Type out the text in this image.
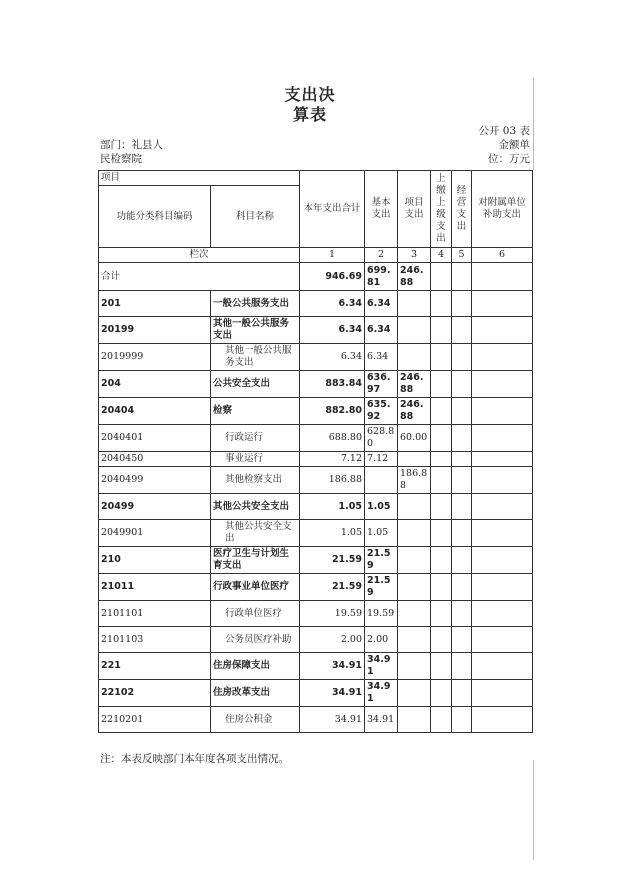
支出决
算表
公开 03 表
金额单
位：万元
部门：礼县人
民检察院
项目		本年支出合计	基本支出	项目支出	上缴上级支出	经营支出	对附属单位补助支出
功能分类科目编码	科目名称						
栏次		1	2	3	4	5	6
合计		946.69	699.81	246.88			
201	一般公共服务支出	6.34	6.34				
20199	其他一般公共服务支出	6.34	6.34				
2019999	其他一般公共服务支出	6.34	6.34				
204	公共安全支出	883.84	636.97	246.88			
20404	检察	882.80	635.92	246.88			
2040401	行政运行	688.80	628.80	60.00			
2040450	事业运行	7.12	7.12				
2040499	其他检察支出	186.88		186.88			
20499	其他公共安全支出	1.05	1.05				
2049901	其他公共安全支出	1.05	1.05				
210	医疗卫生与计划生育支出	21.59	21.59				
21011	行政事业单位医疗	21.59	21.59				
2101101	行政单位医疗	19.59	19.59				
2101103	公务员医疗补助	2.00	2.00				
221	住房保障支出	34.91	34.91				
22102	住房改革支出	34.91	34.91				
2210201	住房公积金	34.91	34.91				
注：本表反映部门本年度各项支出情况。
